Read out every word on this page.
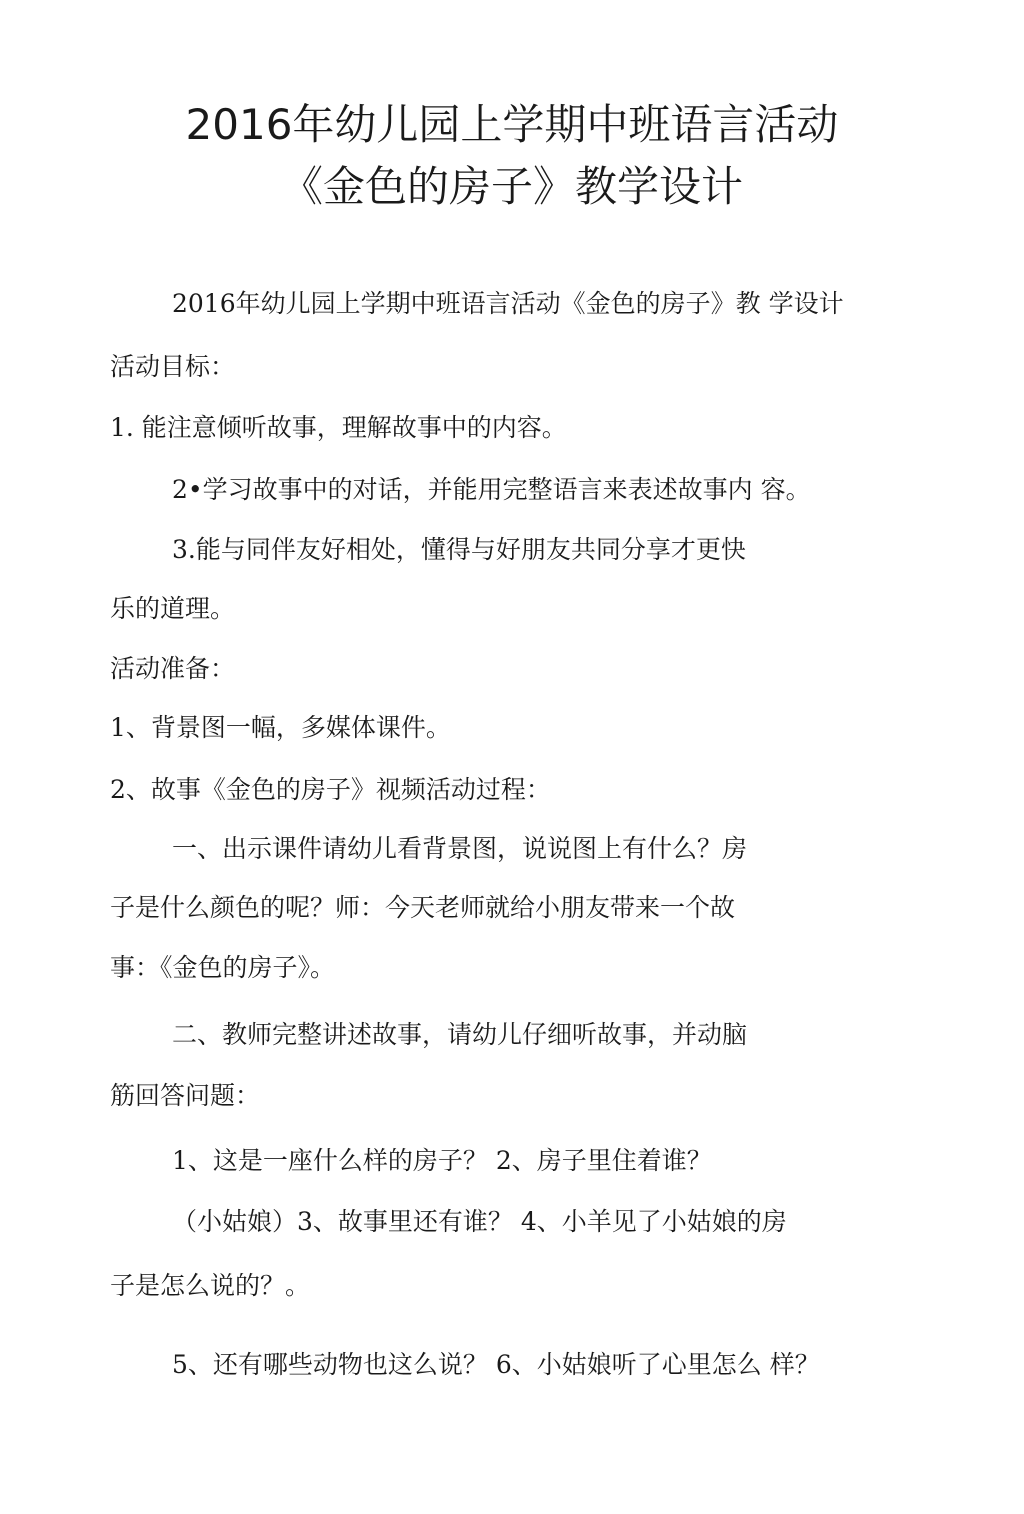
2016年幼儿园上学期中班语言活动
《金色的房子》教学设计
2016年幼儿园上学期中班语言活动《金色的房子》教 学设计
活动目标：
1. 能注意倾听故事，理解故事中的内容。
2•学习故事中的对话，并能用完整语言来表述故事内 容。
3.能与同伴友好相处，懂得与好朋友共同分享才更快
乐的道理。
活动准备：
1、背景图一幅，多媒体课件。
2、故事《金色的房子》视频活动过程：
一、出示课件请幼儿看背景图，说说图上有什么？房
子是什么颜色的呢？师：今天老师就给小朋友带来一个故
事：《金色的房子》。
二、教师完整讲述故事，请幼儿仔细听故事，并动脑
筋回答问题：
1、这是一座什么样的房子？ 2、房子里住着谁？
（小姑娘）3、故事里还有谁？ 4、小羊见了小姑娘的房
子是怎么说的？。
5、还有哪些动物也这么说？ 6、小姑娘听了心里怎么 样？
